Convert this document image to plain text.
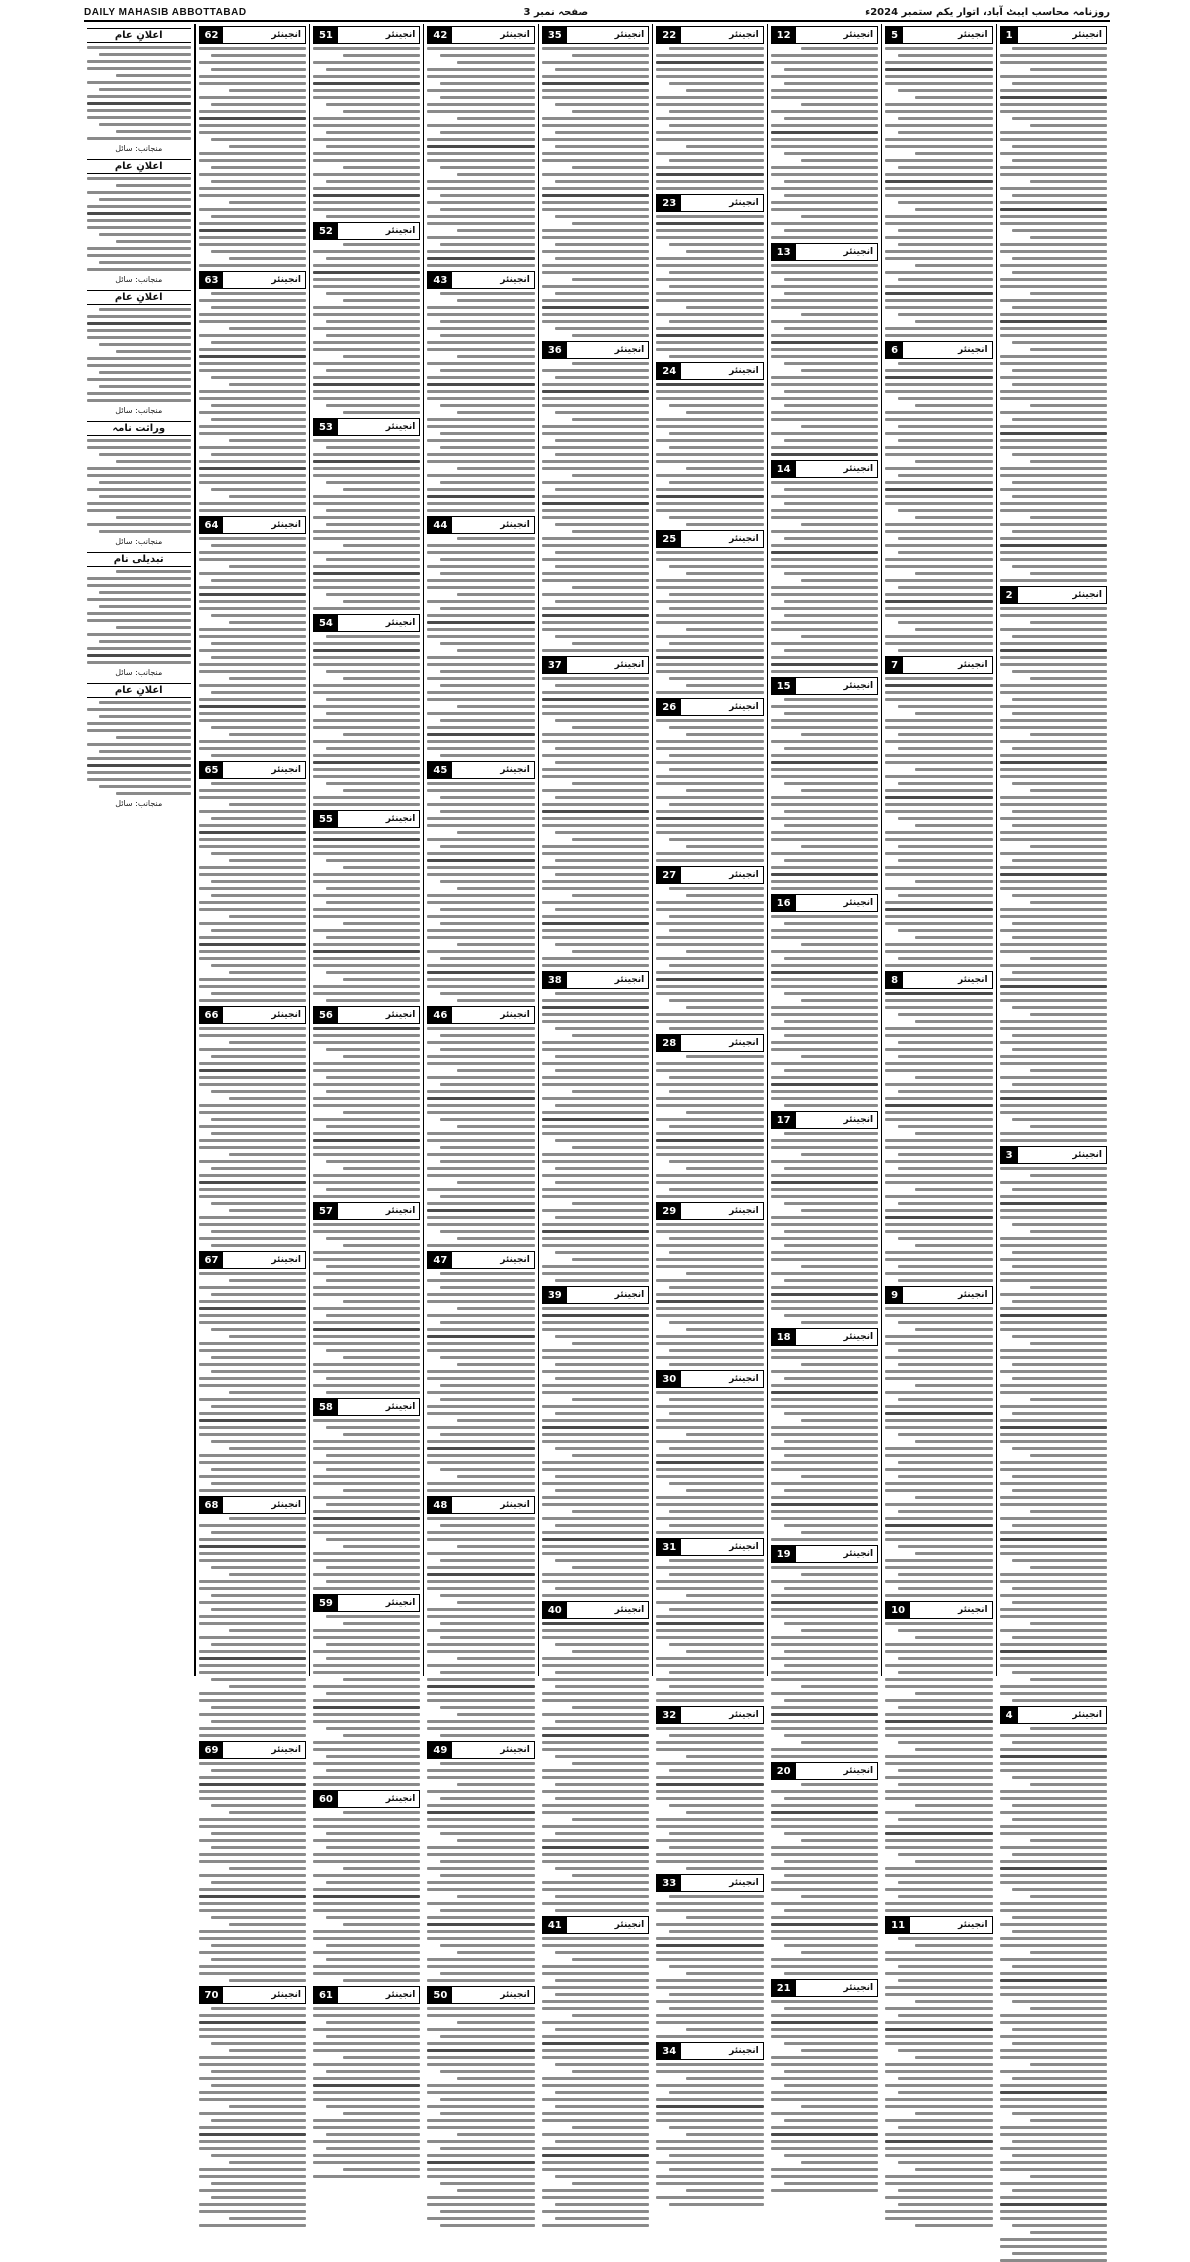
DAILY MAHASIB ABBOTTABAD	صفحہ نمبر 3	روزنامہ محاسب ایبٹ آباد، اتوار یکم ستمبر 2024ء
انجینئر
1
انجینئر
2
انجینئر
3
انجینئر
4
انجینئر
5
انجینئر
6
انجینئر
7
انجینئر
8
انجینئر
9
انجینئر
10
انجینئر
11
انجینئر
12
انجینئر
13
انجینئر
14
انجینئر
15
انجینئر
16
انجینئر
17
انجینئر
18
انجینئر
19
انجینئر
20
انجینئر
21
انجینئر
22
انجینئر
23
انجینئر
24
انجینئر
25
انجینئر
26
انجینئر
27
انجینئر
28
انجینئر
29
انجینئر
30
انجینئر
31
انجینئر
32
انجینئر
33
انجینئر
34
انجینئر
35
انجینئر
36
انجینئر
37
انجینئر
38
انجینئر
39
انجینئر
40
انجینئر
41
انجینئر
42
انجینئر
43
انجینئر
44
انجینئر
45
انجینئر
46
انجینئر
47
انجینئر
48
انجینئر
49
انجینئر
50
انجینئر
51
انجینئر
52
انجینئر
53
انجینئر
54
انجینئر
55
انجینئر
56
انجینئر
57
انجینئر
58
انجینئر
59
انجینئر
60
انجینئر
61
انجینئر
62
انجینئر
63
انجینئر
64
انجینئر
65
انجینئر
66
انجینئر
67
انجینئر
68
انجینئر
69
انجینئر
70
اعلانِ عام
منجانب: سائل
اعلانِ عام
منجانب: سائل
اعلانِ عام
منجانب: سائل
وراثت نامہ
منجانب: سائل
تبدیلی نام
منجانب: سائل
اعلانِ عام
منجانب: سائل
